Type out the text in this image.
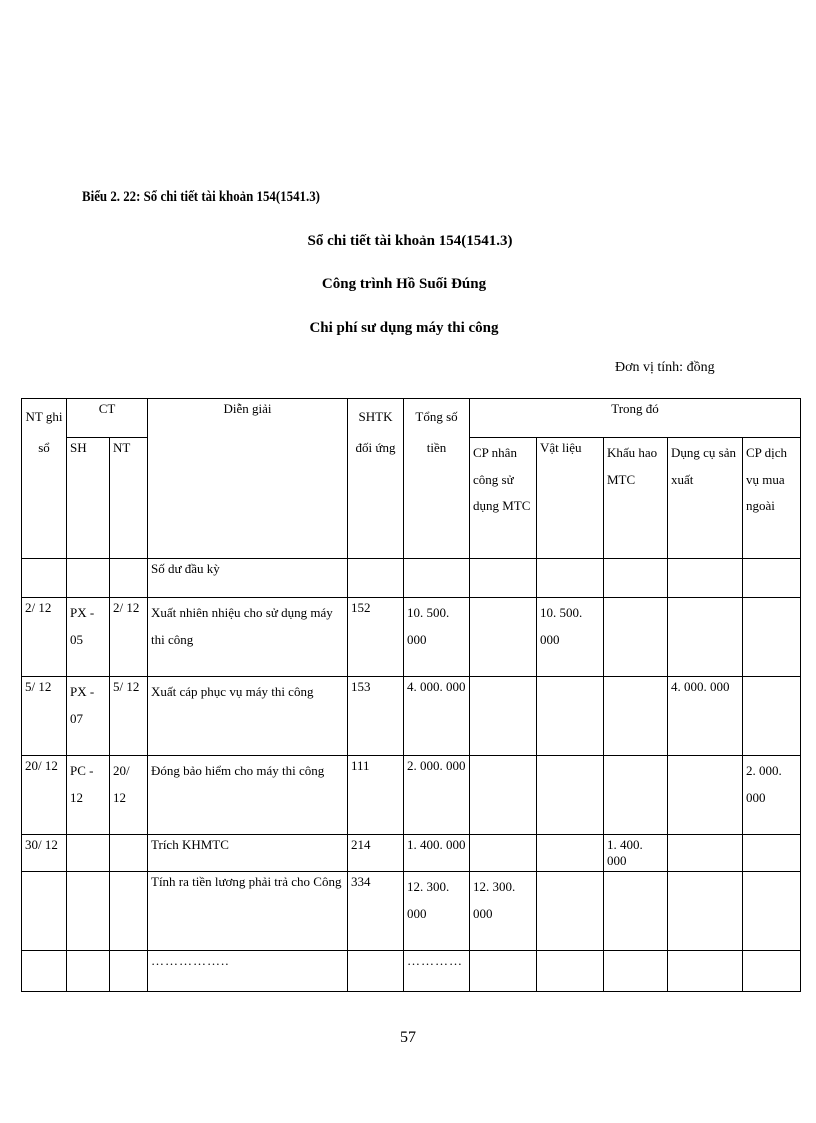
Biểu 2. 22: Sổ chi tiết tài khoản 154(1541.3)
Sổ chi tiết tài khoản 154(1541.3)
Công trình Hồ Suối Đúng
Chi phí sư dụng máy thi công
Đơn vị tính: đồng
NT ghi sổ	CT		Diễn giải	SHTK đối ứng	Tổng số tiền	Trong đó				
	SH	NT				CP nhân công sử dụng MTC	Vật liệu	Khấu hao MTC	Dụng cụ sản xuất	CP dịch vụ mua ngoài
			Số dư đầu kỳ							
2/ 12	PX - 05	2/ 12	Xuất nhiên nhiệu cho sử dụng máy thi công	152	10. 500. 000		10. 500. 000			
5/ 12	PX - 07	5/ 12	Xuất cáp phục vụ máy thi công	153	4. 000. 000				4. 000. 000	
20/ 12	PC - 12	20/ 12	Đóng bảo hiểm cho máy thi công	111	2. 000. 000					2. 000. 000
30/ 12			Trích KHMTC	214	1. 400. 000			1. 400. 000		
			Tính ra tiền lương phải trả cho Công	334	12. 300. 000	12. 300. 000				
			……………..		…………					
57
